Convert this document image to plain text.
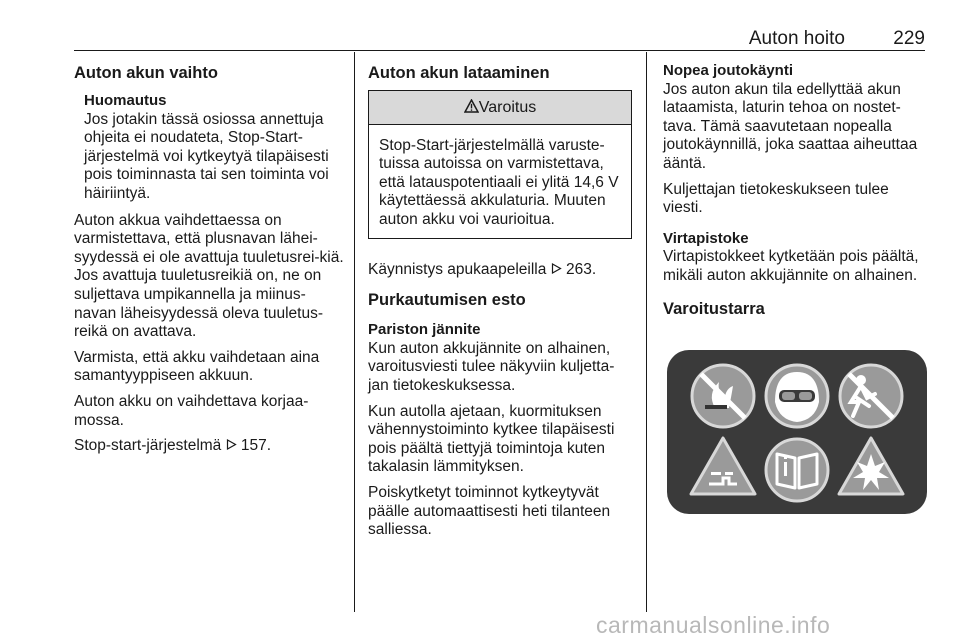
Auton hoito	229
Auton akun vaihto
Huomautus
Jos jotakin tässä osiossa annettuja ohjeita ei noudateta, Stop-Start-järjestelmä voi kytkeytyä tilapäisesti pois toiminnasta tai sen toiminta voi häiriintyä.

Auton akkua vaihdettaessa on varmistettava, että plusnavan lähei-syydessä ei ole avattuja tuuletusrei-kiä. Jos avattuja tuuletusreikiä on, ne on suljettava umpikannella ja miinus-navan läheisyydessä oleva tuuletus-reikä on avattava.

Varmista, että akku vaihdetaan aina samantyyppiseen akkuun.

Auton akku on vaihdettava korjaa-mossa.

Stop-start-järjestelmä 157.

Auton akun lataaminen
Varoitus
Stop-Start-järjestelmällä varuste-tuissa autoissa on varmistettava, että latauspotentiaali ei ylitä 14,6 V käytettäessä akkulaturia. Muuten auton akku voi vaurioitua.

Käynnistys apukaapeleilla 263.

Purkautumisen esto
Pariston jännite

Kun auton akkujännite on alhainen, varoitusviesti tulee näkyviin kuljetta-jan tietokeskuksessa.

Kun autolla ajetaan, kuormituksen vähennystoiminto kytkee tilapäisesti pois päältä tiettyjä toimintoja kuten takalasin lämmityksen.

Poiskytketyt toiminnot kytkeytyvät päälle automaattisesti heti tilanteen salliessa.

Nopea joutokäynti

Jos auton akun tila edellyttää akun lataamista, laturin tehoa on nostet-tava. Tämä saavutetaan nopealla joutokäynnillä, joka saattaa aiheuttaa ääntä.

Kuljettajan tietokeskukseen tulee viesti.

Virtapistoke

Virtapistokkeet kytketään pois päältä, mikäli auton akkujännite on alhainen.

Varoitustarra
carmanualsonline.info
